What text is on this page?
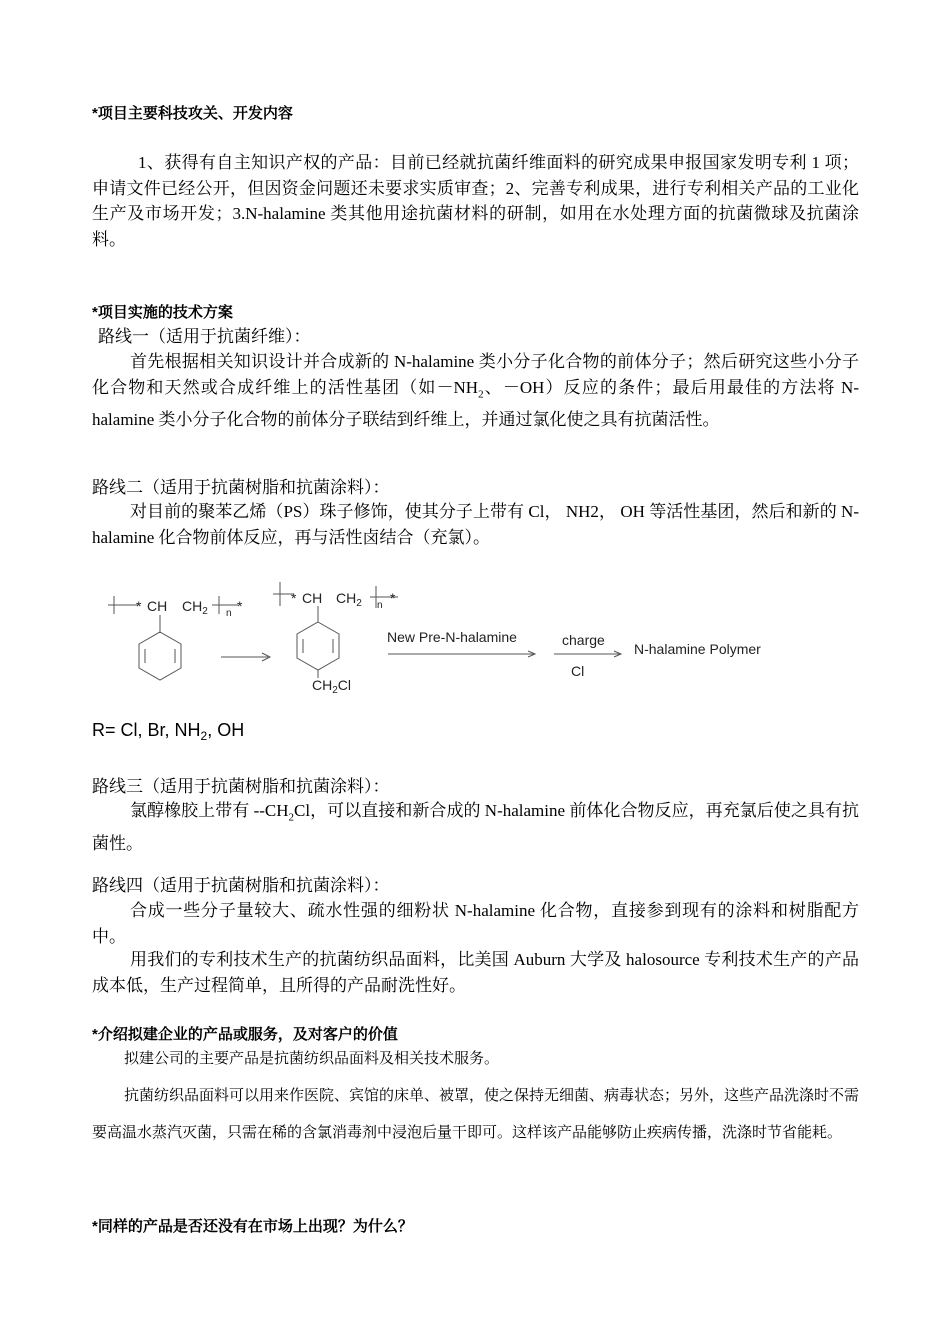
*项目主要科技攻关、开发内容
1、获得有自主知识产权的产品：目前已经就抗菌纤维面料的研究成果申报国家发明专利 1 项；申请文件已经公开，但因资金问题还未要求实质审查；2、完善专利成果，进行专利相关产品的工业化生产及市场开发；3.N-halamine 类其他用途抗菌材料的研制，如用在水处理方面的抗菌微球及抗菌涂料。
*项目实施的技术方案
路线一（适用于抗菌纤维）：
首先根据相关知识设计并合成新的 N-halamine 类小分子化合物的前体分子；然后研究这些小分子化合物和天然或合成纤维上的活性基团（如$-NH_2$、－OH）反应的条件；最后用最佳的方法将 N-halamine 类小分子化合物的前体分子联结到纤维上，并通过氯化使之具有抗菌活性。
路线二（适用于抗菌树脂和抗菌涂料）：
对目前的聚苯乙烯（PS）珠子修饰，使其分子上带有 Cl， NH2， OH 等活性基团，然后和新的 N-halamine 化合物前体反应，再与活性卤结合（充氯）。
* CH $CH_2$ n *	* CH $CH_2$ n *
$CH_2Cl$
New Pre-N-halamine	charge
Cl
N-halamine Polymer
R= Cl, Br, $NH_2$, OH
路线三（适用于抗菌树脂和抗菌涂料）：
氯醇橡胶上带有 $--CH_2Cl$，可以直接和新合成的 N-halamine 前体化合物反应，再充氯后使之具有抗菌性。
路线四（适用于抗菌树脂和抗菌涂料）：
合成一些分子量较大、疏水性强的细粉状 N-halamine 化合物，直接参到现有的涂料和树脂配方中。
用我们的专利技术生产的抗菌纺织品面料，比美国 Auburn 大学及 halosource 专利技术生产的产品成本低，生产过程简单，且所得的产品耐洗性好。
*介绍拟建企业的产品或服务，及对客户的价值
拟建公司的主要产品是抗菌纺织品面料及相关技术服务。
抗菌纺织品面料可以用来作医院、宾馆的床单、被罩，使之保持无细菌、病毒状态；另外，这些产品洗涤时不需要高温水蒸汽灭菌，只需在稀的含氯消毒剂中浸泡后量干即可。这样该产品能够防止疾病传播，洗涤时节省能耗。
*同样的产品是否还没有在市场上出现？为什么？
